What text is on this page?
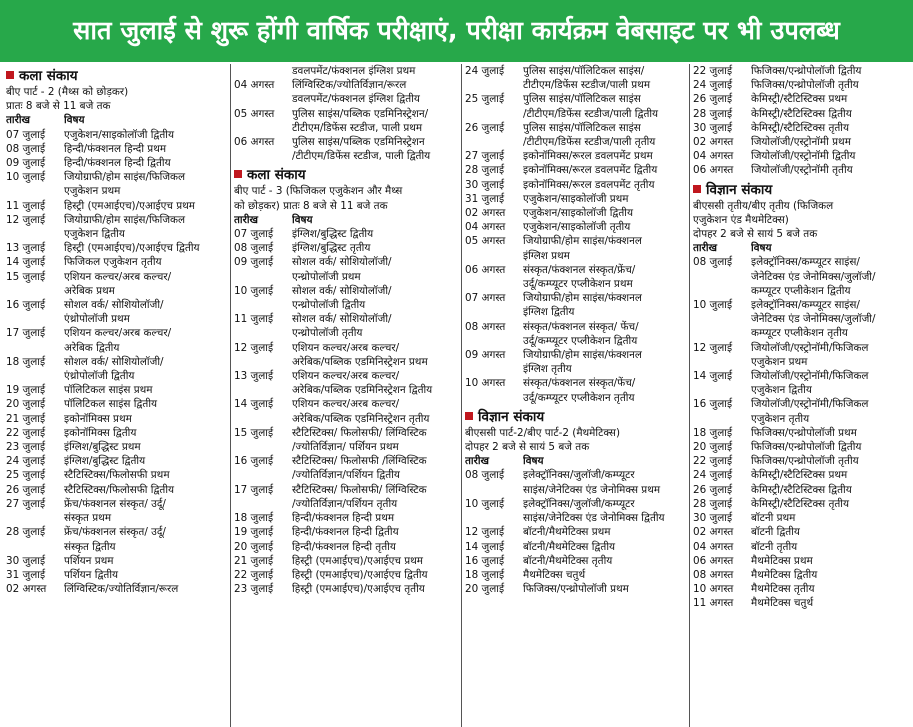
सात जुलाई से शुरू होंगी वार्षिक परीक्षाएं, परीक्षा कार्यक्रम वेबसाइट पर भी उपलब्ध
कला संकाय
बीए पार्ट - 2 (मैथ्स को छोड़कर)
प्रातः 8 बजे से 11 बजे तक
तारीख	विषय
07 जुलाई	एजुकेशन/साइकोलॉजी द्वितीय
08 जुलाई	हिन्दी/फंक्शनल हिन्दी प्रथम
09 जुलाई	हिन्दी/फंक्शनल हिन्दी द्वितीय
10 जुलाई	जियोग्राफी/होम साइंस/फिजिकल
एजुकेशन प्रथम
11 जुलाई	हिस्ट्री (एमआईएच)/एआईएच प्रथम
12 जुलाई	जियोग्राफी/होम साइंस/फिजिकल
एजुकेशन द्वितीय
13 जुलाई	हिस्ट्री (एमआईएच)/एआईएच द्वितीय
14 जुलाई	फिजिकल एजुकेशन तृतीय
15 जुलाई	एशियन कल्चर/अरब कल्चर/
अरेबिक प्रथम
16 जुलाई	सोशल वर्क/ सोशियोलॉजी/
एंथ्रोपोलॉजी प्रथम
17 जुलाई	एशियन कल्चर/अरब कल्चर/
अरेबिक द्वितीय
18 जुलाई	सोशल वर्क/ सोशियोलॉजी/
एंथ्रोपोलॉजी द्वितीय
19 जुलाई	पॉलिटिकल साइंस प्रथम
20 जुलाई	पॉलिटिकल साइंस द्वितीय
21 जुलाई	इकोनॉमिक्स प्रथम
22 जुलाई	इकोनॉमिक्स द्वितीय
23 जुलाई	इंग्लिश/बुद्धिस्ट प्रथम
24 जुलाई	इंग्लिश/बुद्धिस्ट द्वितीय
25 जुलाई	स्टैटिस्टिक्स/फिलोसफी प्रथम
26 जुलाई	स्टैटिस्टिक्स/फिलोसफी द्वितीय
27 जुलाई	फ्रेंच/फंक्शनल संस्कृत/ उर्दू/
संस्कृत प्रथम
28 जुलाई	फ्रेंच/फंक्शनल संस्कृत/ उर्दू/
संस्कृत द्वितीय
30 जुलाई	पर्शियन प्रथम
31 जुलाई	पर्शियन द्वितीय
02 अगस्त	लिंग्विस्टिक/ज्योतिर्विज्ञान/रूरल
डवलपमेंट/फंक्शनल इंग्लिश प्रथम
04 अगस्त	लिंग्विस्टिक/ज्योतिर्विज्ञान/रूरल
डवलपमेंट/फंक्शनल इंग्लिश द्वितीय
05 अगस्त	पुलिस साइंस/पब्लिक एडमिनिस्ट्रेशन/
टीटीएम/डिफेंस स्टडीज, पाली प्रथम
06 अगस्त	पुलिस साइंस/पब्लिक एडमिनिस्ट्रेशन
/टीटीएम/डिफेंस स्टडीज, पाली द्वितीय
कला संकाय
बीए पार्ट - 3 (फिजिकल एजुकेशन और मैथ्स
को छोड़कर) प्रातः 8 बजे से 11 बजे तक
तारीख	विषय
07 जुलाई	इंग्लिश/बुद्धिस्ट द्वितीय
08 जुलाई	इंग्लिश/बुद्धिस्ट तृतीय
09 जुलाई	सोशल वर्क/ सोशियोलॉजी/
एन्थ्रोपोलॉजी प्रथम
10 जुलाई	सोशल वर्क/ सोशियोलॉजी/
एन्थ्रोपोलॉजी द्वितीय
11 जुलाई	सोशल वर्क/ सोशियोलॉजी/
एन्थ्रोपोलॉजी तृतीय
12 जुलाई	एशियन कल्चर/अरब कल्चर/
अरेबिक/पब्लिक एडमिनिस्ट्रेशन प्रथम
13 जुलाई	एशियन कल्चर/अरब कल्चर/
अरेबिक/पब्लिक एडमिनिस्ट्रेशन द्वितीय
14 जुलाई	एशियन कल्चर/अरब कल्चर/
अरेबिक/पब्लिक एडमिनिस्ट्रेशन तृतीय
15 जुलाई	स्टैटिस्टिक्स/ फिलोसफी/ लिंग्विस्टिक
/ज्योतिर्विज्ञान/ पर्शियन प्रथम
16 जुलाई	स्टैटिस्टिक्स/ फिलोसफी /लिंग्विस्टिक
/ज्योतिर्विज्ञान/पर्शियन द्वितीय
17 जुलाई	स्टैटिस्टिक्स/ फिलोसफी/ लिंग्विस्टिक
/ज्योतिर्विज्ञान/पर्शियन तृतीय
18 जुलाई	हिन्दी/फंक्शनल हिन्दी प्रथम
19 जुलाई	हिन्दी/फंक्शनल हिन्दी द्वितीय
20 जुलाई	हिन्दी/फंक्शनल हिन्दी तृतीय
21 जुलाई	हिस्ट्री (एमआईएच)/एआईएच प्रथम
22 जुलाई	हिस्ट्री (एमआईएच)/एआईएच द्वितीय
23 जुलाई	हिस्ट्री (एमआईएच)/एआईएच तृतीय
24 जुलाई	पुलिस साइंस/पॉलिटिकल साइंस/
टीटीएम/डिफेंस स्टडीज/पाली प्रथम
25 जुलाई	पुलिस साइंस/पॉलिटिकल साइंस
/टीटीएम/डिफेंस स्टडीज/पाली द्वितीय
26 जुलाई	पुलिस साइंस/पॉलिटिकल साइंस
/टीटीएम/डिफेंस स्टडीज/पाली तृतीय
27 जुलाई	इकोनॉमिक्स/रूरल डवलपमेंट प्रथम
28 जुलाई	इकोनॉमिक्स/रूरल डवलपमेंट द्वितीय
30 जुलाई	इकोनॉमिक्स/रूरल डवलपमेंट तृतीय
31 जुलाई	एजुकेशन/साइकोलॉजी प्रथम
02 अगस्त	एजुकेशन/साइकोलॉजी द्वितीय
04 अगस्त	एजुकेशन/साइकोलॉजी तृतीय
05 अगस्त	जियोग्राफी/होम साइंस/फंक्शनल
इंग्लिश प्रथम
06 अगस्त	संस्कृत/फंक्शनल संस्कृत/फ्रेंच/
उर्दू/कम्प्यूटर एप्लीकेशन प्रथम
07 अगस्त	जियोग्राफी/होम साइंस/फंक्शनल
इंग्लिश द्वितीय
08 अगस्त	संस्कृत/फंक्शनल संस्कृत/ फेंच/
उर्दू/कम्प्यूटर एप्लीकेशन द्वितीय
09 अगस्त	जियोग्राफी/होम साइंस/फंक्शनल
इंग्लिश तृतीय
10 अगस्त	संस्कृत/फंक्शनल संस्कृत/फेंच/
उर्दू/कम्प्यूटर एप्लीकेशन तृतीय
विज्ञान संकाय
बीएससी पार्ट-2/बीए पार्ट-2 (मैथमेटिक्स)
दोपहर 2 बजे से सायं 5 बजे तक
तारीख	विषय
08 जुलाई	इलेक्ट्रॉनिक्स/जुलॉजी/कम्प्यूटर
साइंस/जेनेटिक्स एंड जेनोमिक्स प्रथम
10 जुलाई	इलेक्ट्रॉनिक्स/जुलॉजी/कम्प्यूटर
साइंस/जेनेटिक्स एंड जेनोमिक्स द्वितीय
12 जुलाई	बॉटनी/मैथमेटिक्स प्रथम
14 जुलाई	बॉटनी/मैथमेटिक्स द्वितीय
16 जुलाई	बॉटनी/मैथमेटिक्स तृतीय
18 जुलाई	मैथमेटिक्स चतुर्थ
20 जुलाई	फिजिक्स/एन्थ्रोपोलॉजी प्रथम
22 जुलाई	फिजिक्स/एन्थ्रोपोलॉजी द्वितीय
24 जुलाई	फिजिक्स/एन्थ्रोपोलॉजी तृतीय
26 जुलाई	केमिस्ट्री/स्टैटिस्टिक्स प्रथम
28 जुलाई	केमिस्ट्री/स्टैटिस्टिक्स द्वितीय
30 जुलाई	केमिस्ट्री/स्टैटिस्टिक्स तृतीय
02 अगस्त	जियोलॉजी/एस्ट्रोनॉमी प्रथम
04 अगस्त	जियोलॉजी/एस्ट्रोनॉमी द्वितीय
06 अगस्त	जियोलॉजी/एस्ट्रोनॉमी तृतीय
विज्ञान संकाय
बीएससी तृतीय/बीए तृतीय (फिजिकल
एजुकेशन एंड मैथमेटिक्स)
दोपहर 2 बजे से सायं 5 बजे तक
तारीख	विषय
08 जुलाई	इलेक्ट्रॉनिक्स/कम्प्यूटर साइंस/
जेनेटिक्स एंड जेनोमिक्स/जुलॉजी/
कम्प्यूटर एप्लीकेशन द्वितीय
10 जुलाई	इलेक्ट्रॉनिक्स/कम्प्यूटर साइंस/
जेनेटिक्स एंड जेनोमिक्स/जुलॉजी/
कम्प्यूटर एप्लीकेशन तृतीय
12 जुलाई	जियोलॉजी/एस्ट्रोनॉमी/फिजिकल
एजुकेशन प्रथम
14 जुलाई	जियोलॉजी/एस्ट्रोनॉमी/फिजिकल
एजुकेशन द्वितीय
16 जुलाई	जियोलॉजी/एस्ट्रोनॉमी/फिजिकल
एजुकेशन तृतीय
18 जुलाई	फिजिक्स/एन्थ्रोपोलॉजी प्रथम
20 जुलाई	फिजिक्स/एन्थ्रोपोलॉजी द्वितीय
22 जुलाई	फिजिक्स/एन्थ्रोपोलॉजी तृतीय
24 जुलाई	केमिस्ट्री/स्टैटिस्टिक्स प्रथम
26 जुलाई	केमिस्ट्री/स्टैटिस्टिक्स द्वितीय
28 जुलाई	केमिस्ट्री/स्टैटिस्टिक्स तृतीय
30 जुलाई	बॉटनी प्रथम
02 अगस्त	बॉटनी द्वितीय
04 अगस्त	बॉटनी तृतीय
06 अगस्त	मैथमेटिक्स प्रथम
08 अगस्त	मैथमेटिक्स द्वितीय
10 अगस्त	मैथमेटिक्स तृतीय
11 अगस्त	मैथमेटिक्स चतुर्थ
